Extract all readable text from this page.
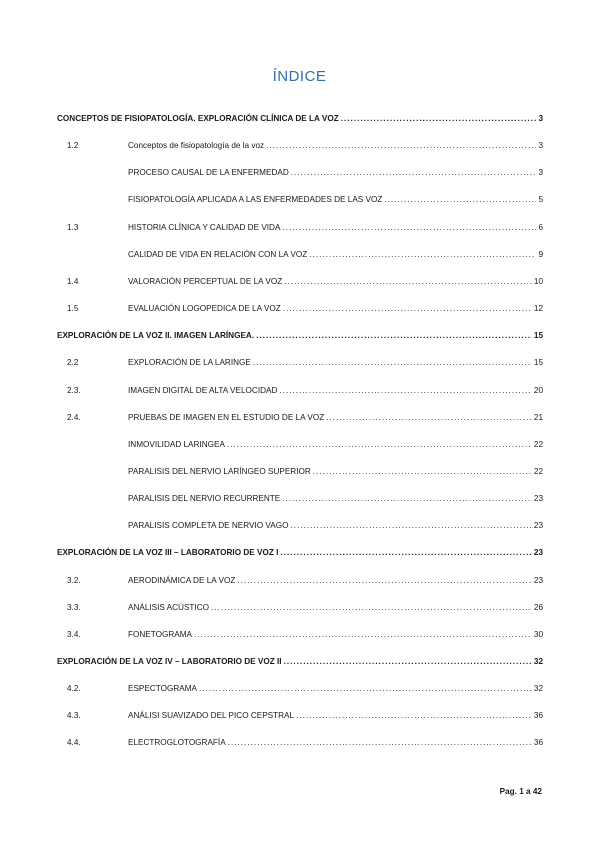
ÍNDICE
CONCEPTOS DE FISIOPATOLOGÍA. EXPLORACIÓN CLÍNICA DE LA VOZ .....	3
1.2	Conceptos de fisiopatología de la voz .....	3
PROCESO CAUSAL DE LA ENFERMEDAD .....	3
FISIOPATOLOGÍA APLICADA A LAS ENFERMEDADES DE LAS VOZ .....	5
1.3	HISTORIA CLÍNICA Y CALIDAD DE VIDA .....	6
CALIDAD DE VIDA EN RELACIÓN CON LA VOZ .....	9
1.4	VALORACIÓN PERCEPTUAL DE LA VOZ .....	10
1.5	EVALUACIÓN LOGOPEDICA DE LA VOZ .....	12
EXPLORACIÓN DE LA VOZ II. IMAGEN LARÍNGEA. .....	15
2.2	EXPLORACIÓN DE LA LARINGE .....	15
2.3.	IMAGEN DIGITAL DE ALTA VELOCIDAD .....	20
2.4.	PRUEBAS DE IMAGEN EN EL ESTUDIO DE LA VOZ .....	21
INMOVILIDAD LARINGEA .....	22
PARALISIS DEL NERVIO LARÍNGEO SUPERIOR .....	22
PARALISIS DEL NERVIO RECURRENTE .....	23
PARALISIS COMPLETA DE NERVIO VAGO .....	23
EXPLORACIÓN DE LA VOZ III – LABORATORIO DE VOZ I .....	23
3.2.	AERODINÁMICA DE LA VOZ .....	23
3.3.	ANÁLISIS ACÚSTICO .....	26
3.4.	FONETOGRAMA .....	30
EXPLORACIÓN DE LA VOZ IV – LABORATORIO DE VOZ II .....	32
4.2.	ESPECTOGRAMA .....	32
4.3.	ANÁLISI SUAVIZADO DEL PICO CEPSTRAL .....	36
4.4.	ELECTROGLOTOGRAFÍA .....	36
Pag. 1 a 42
